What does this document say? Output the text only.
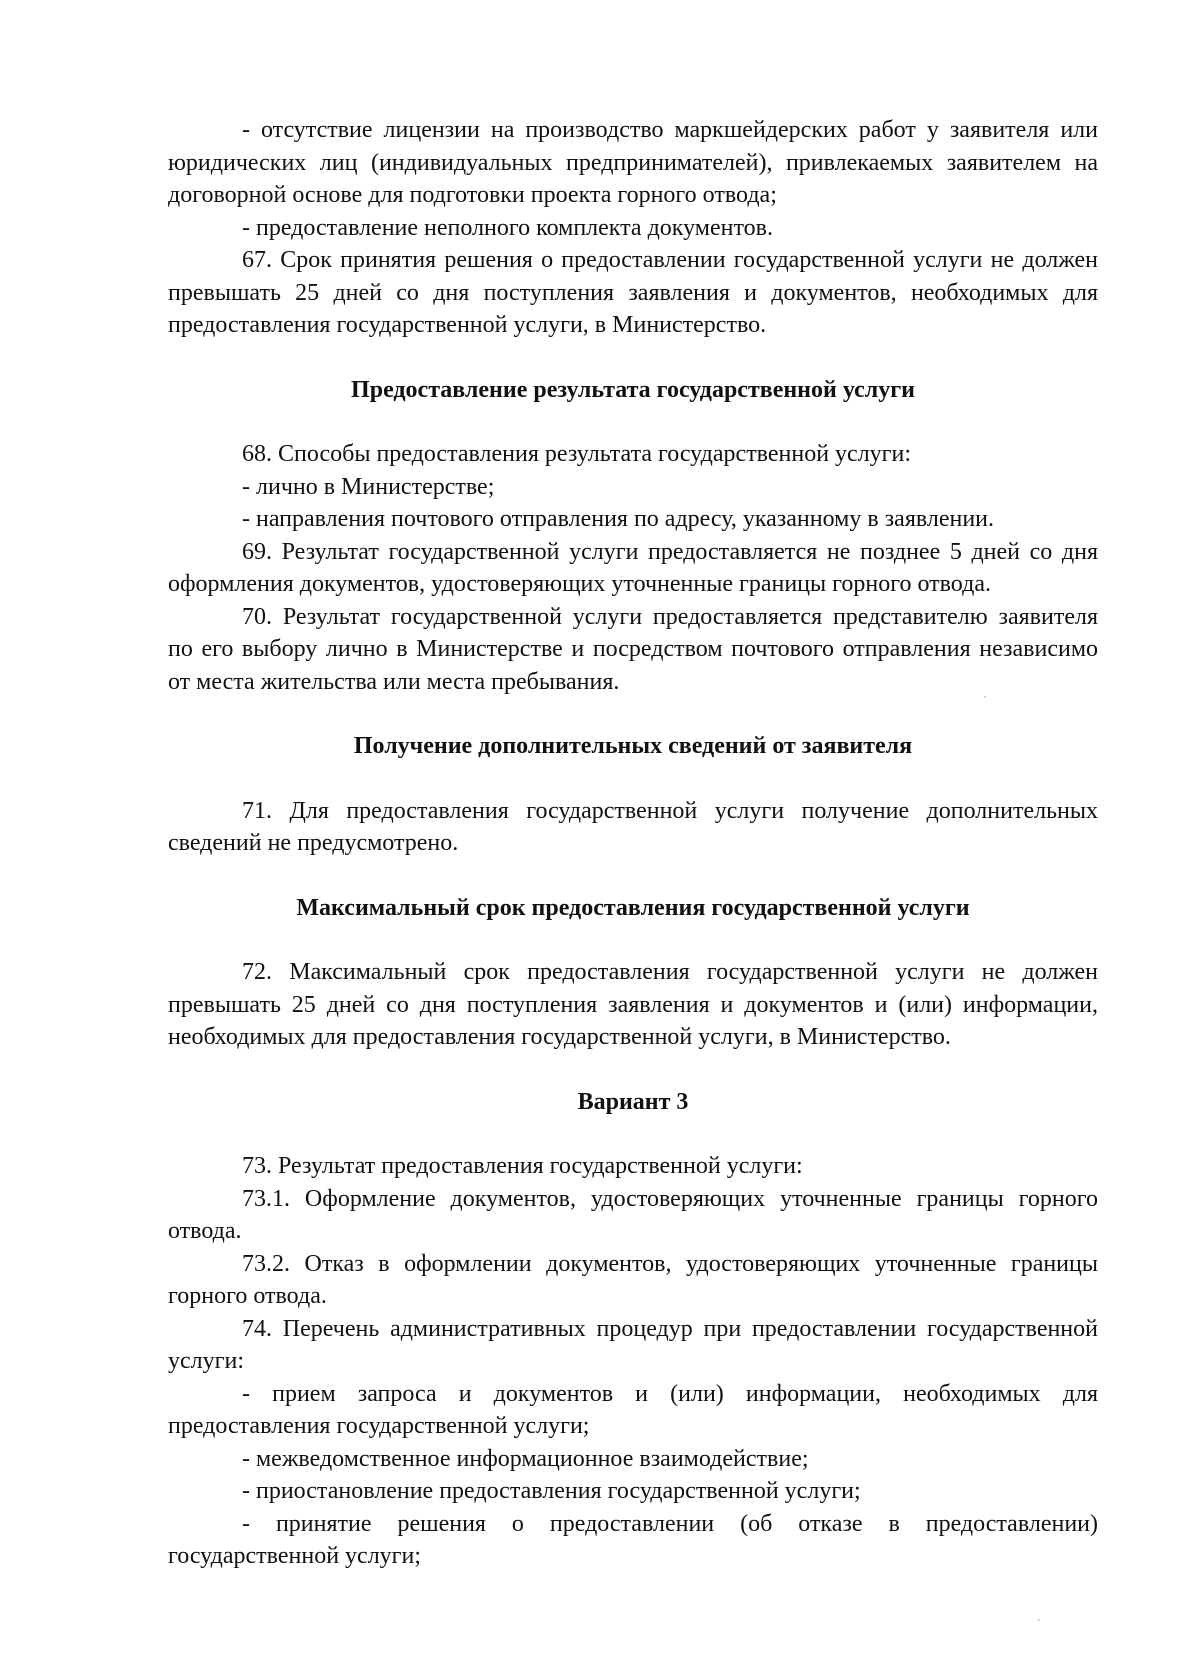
- отсутствие лицензии на производство маркшейдерских работ у заявителя или юридических лиц (индивидуальных предпринимателей), привлекаемых заявителем на договорной основе для подготовки проекта горного отвода;

- предоставление неполного комплекта документов.

67. Срок принятия решения о предоставлении государственной услуги не должен превышать 25 дней со дня поступления заявления и документов, необходимых для предоставления государственной услуги, в Министерство.

Предоставление результата государственной услуги

68. Способы предоставления результата государственной услуги:

- лично в Министерстве;

- направления почтового отправления по адресу, указанному в заявлении.

69. Результат государственной услуги предоставляется не позднее 5 дней со дня оформления документов, удостоверяющих уточненные границы горного отвода.

70. Результат государственной услуги предоставляется представителю заявителя по его выбору лично в Министерстве и посредством почтового отправления независимо от места жительства или места пребывания.

Получение дополнительных сведений от заявителя

71. Для предоставления государственной услуги получение дополнительных сведений не предусмотрено.

Максимальный срок предоставления государственной услуги

72. Максимальный срок предоставления государственной услуги не должен превышать 25 дней со дня поступления заявления и документов и (или) информации, необходимых для предоставления государственной услуги, в Министерство.

Вариант 3

73. Результат предоставления государственной услуги:

73.1. Оформление документов, удостоверяющих уточненные границы горного отвода.

73.2. Отказ в оформлении документов, удостоверяющих уточненные границы горного отвода.

74. Перечень административных процедур при предоставлении государственной услуги:

- прием запроса и документов и (или) информации, необходимых для предоставления государственной услуги;

- межведомственное информационное взаимодействие;

- приостановление предоставления государственной услуги;

- принятие решения о предоставлении (об отказе в предоставлении) государственной услуги;
